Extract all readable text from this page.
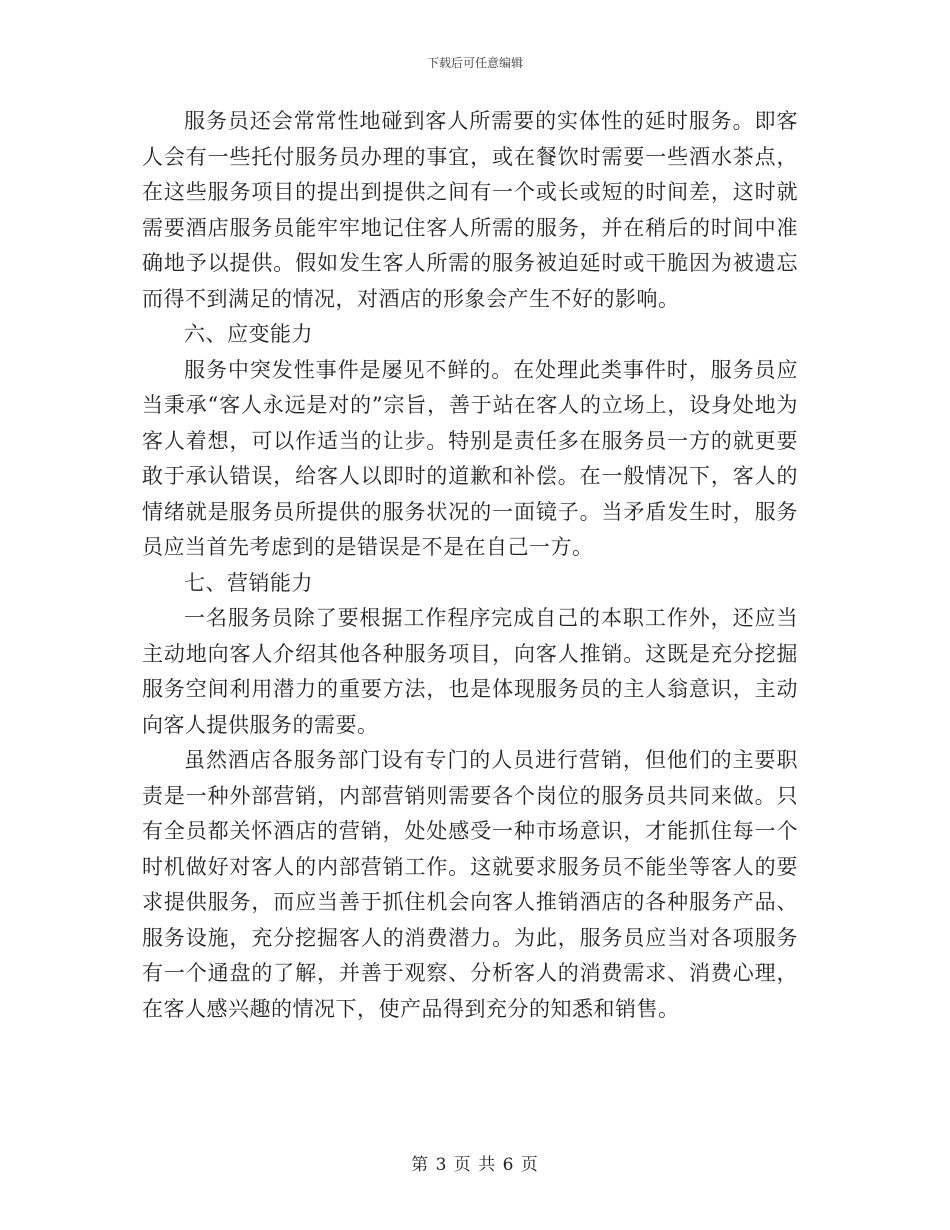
下载后可任意编辑

服务员还会常常性地碰到客人所需要的实体性的延时服务。即客人会有一些托付服务员办理的事宜，或在餐饮时需要一些酒水茶点，在这些服务项目的提出到提供之间有一个或长或短的时间差，这时就需要酒店服务员能牢牢地记住客人所需的服务，并在稍后的时间中准确地予以提供。假如发生客人所需的服务被迫延时或干脆因为被遗忘而得不到满足的情况，对酒店的形象会产生不好的影响。

六、应变能力

服务中突发性事件是屡见不鲜的。在处理此类事件时，服务员应当秉承“客人永远是对的”宗旨，善于站在客人的立场上，设身处地为客人着想，可以作适当的让步。特别是责任多在服务员一方的就更要敢于承认错误，给客人以即时的道歉和补偿。在一般情况下，客人的情绪就是服务员所提供的服务状况的一面镜子。当矛盾发生时，服务员应当首先考虑到的是错误是不是在自己一方。

七、营销能力

一名服务员除了要根据工作程序完成自己的本职工作外，还应当主动地向客人介绍其他各种服务项目，向客人推销。这既是充分挖掘服务空间利用潜力的重要方法，也是体现服务员的主人翁意识，主动向客人提供服务的需要。

虽然酒店各服务部门设有专门的人员进行营销，但他们的主要职责是一种外部营销，内部营销则需要各个岗位的服务员共同来做。只有全员都关怀酒店的营销，处处感受一种市场意识，才能抓住每一个时机做好对客人的内部营销工作。这就要求服务员不能坐等客人的要求提供服务，而应当善于抓住机会向客人推销酒店的各种服务产品、服务设施，充分挖掘客人的消费潜力。为此，服务员应当对各项服务有一个通盘的了解，并善于观察、分析客人的消费需求、消费心理，在客人感兴趣的情况下，使产品得到充分的知悉和销售。

第 3 页 共 6 页
